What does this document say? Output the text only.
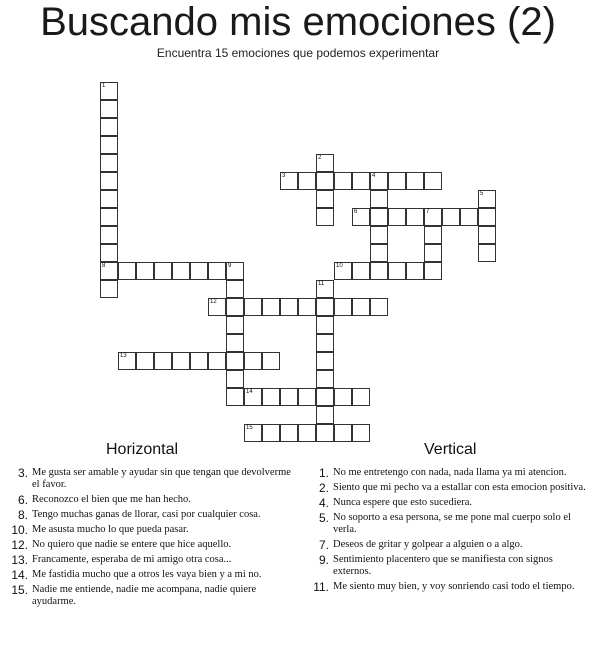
Buscando mis emociones (2)
Encuentra 15 emociones que podemos experimentar
1
8
2
3	4
5
6	7
9	10
11
12
13
14
15
Horizontal	Vertical
3. Me gusta ser amable y ayudar sin que tengan que devolverme el favor.
6. Reconozco el bien que me han hecho.
8. Tengo muchas ganas de llorar, casi por cualquier cosa.
10. Me asusta mucho lo que pueda pasar.
12. No quiero que nadie se entere que hice aquello.
13. Francamente, esperaba de mi amigo otra cosa...
14. Me fastidia mucho que a otros les vaya bien y a mi no.
15. Nadie me entiende, nadie me acompana, nadie quiere ayudarme.
1. No me entretengo con nada, nada llama ya mi atencion.
2. Siento que mi pecho va a estallar con esta emocion positiva.
4. Nunca espere que esto sucediera.
5. No soporto a esa persona, se me pone mal cuerpo solo el verla.
7. Deseos de gritar y golpear a alguien o a algo.
9. Sentimiento placentero que se manifiesta con signos externos.
11. Me siento muy bien, y voy sonriendo casi todo el tiempo.
